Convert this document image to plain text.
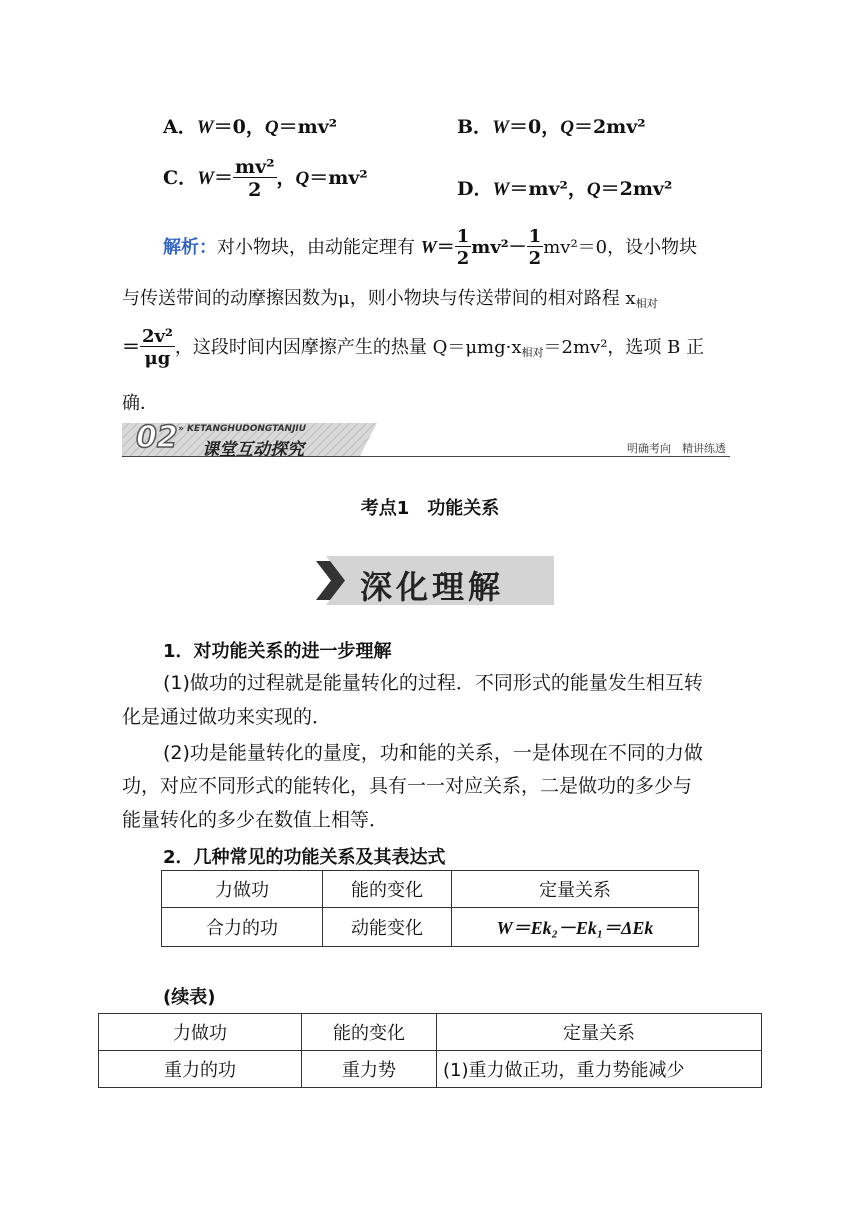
A．W＝0，Q＝mv²	B．W＝0，Q＝2mv²
C．$W= \frac{\text{mv²}}{2}$ ，Q＝mv²	D．W＝mv²，Q＝2mv²
解析：对小物块，由动能定理有 $W= \frac{1}{2} mv^2- \frac{1}{2} mv^2=0$，设小物块
与传送带间的动摩擦因数为μ，则小物块与传送带间的相对路程 $x_{相对}$
＝ $\frac{\text{2v²}}{\mu g}$ ，这段时间内因摩擦产生的热量 $Q=\mu mg\cdot x_{相对}=2mv^2$，选项 B 正
确．
02 » KETANGHUDONGTANJIU
课堂互动探究	明确考向　精讲练透
考点1　功能关系
深化理解
1．对功能关系的进一步理解
(1)做功的过程就是能量转化的过程．不同形式的能量发生相互转
化是通过做功来实现的．
(2)功是能量转化的量度，功和能的关系，一是体现在不同的力做
功，对应不同形式的能转化，具有一一对应关系，二是做功的多少与
能量转化的多少在数值上相等．
2．几种常见的功能关系及其表达式
力做功	能的变化	定量关系
合力的功	动能变化	W＝Ek₂－Ek₁＝ΔEk
(续表)
力做功	能的变化	定量关系
重力的功	重力势	(1)重力做正功，重力势能减少
